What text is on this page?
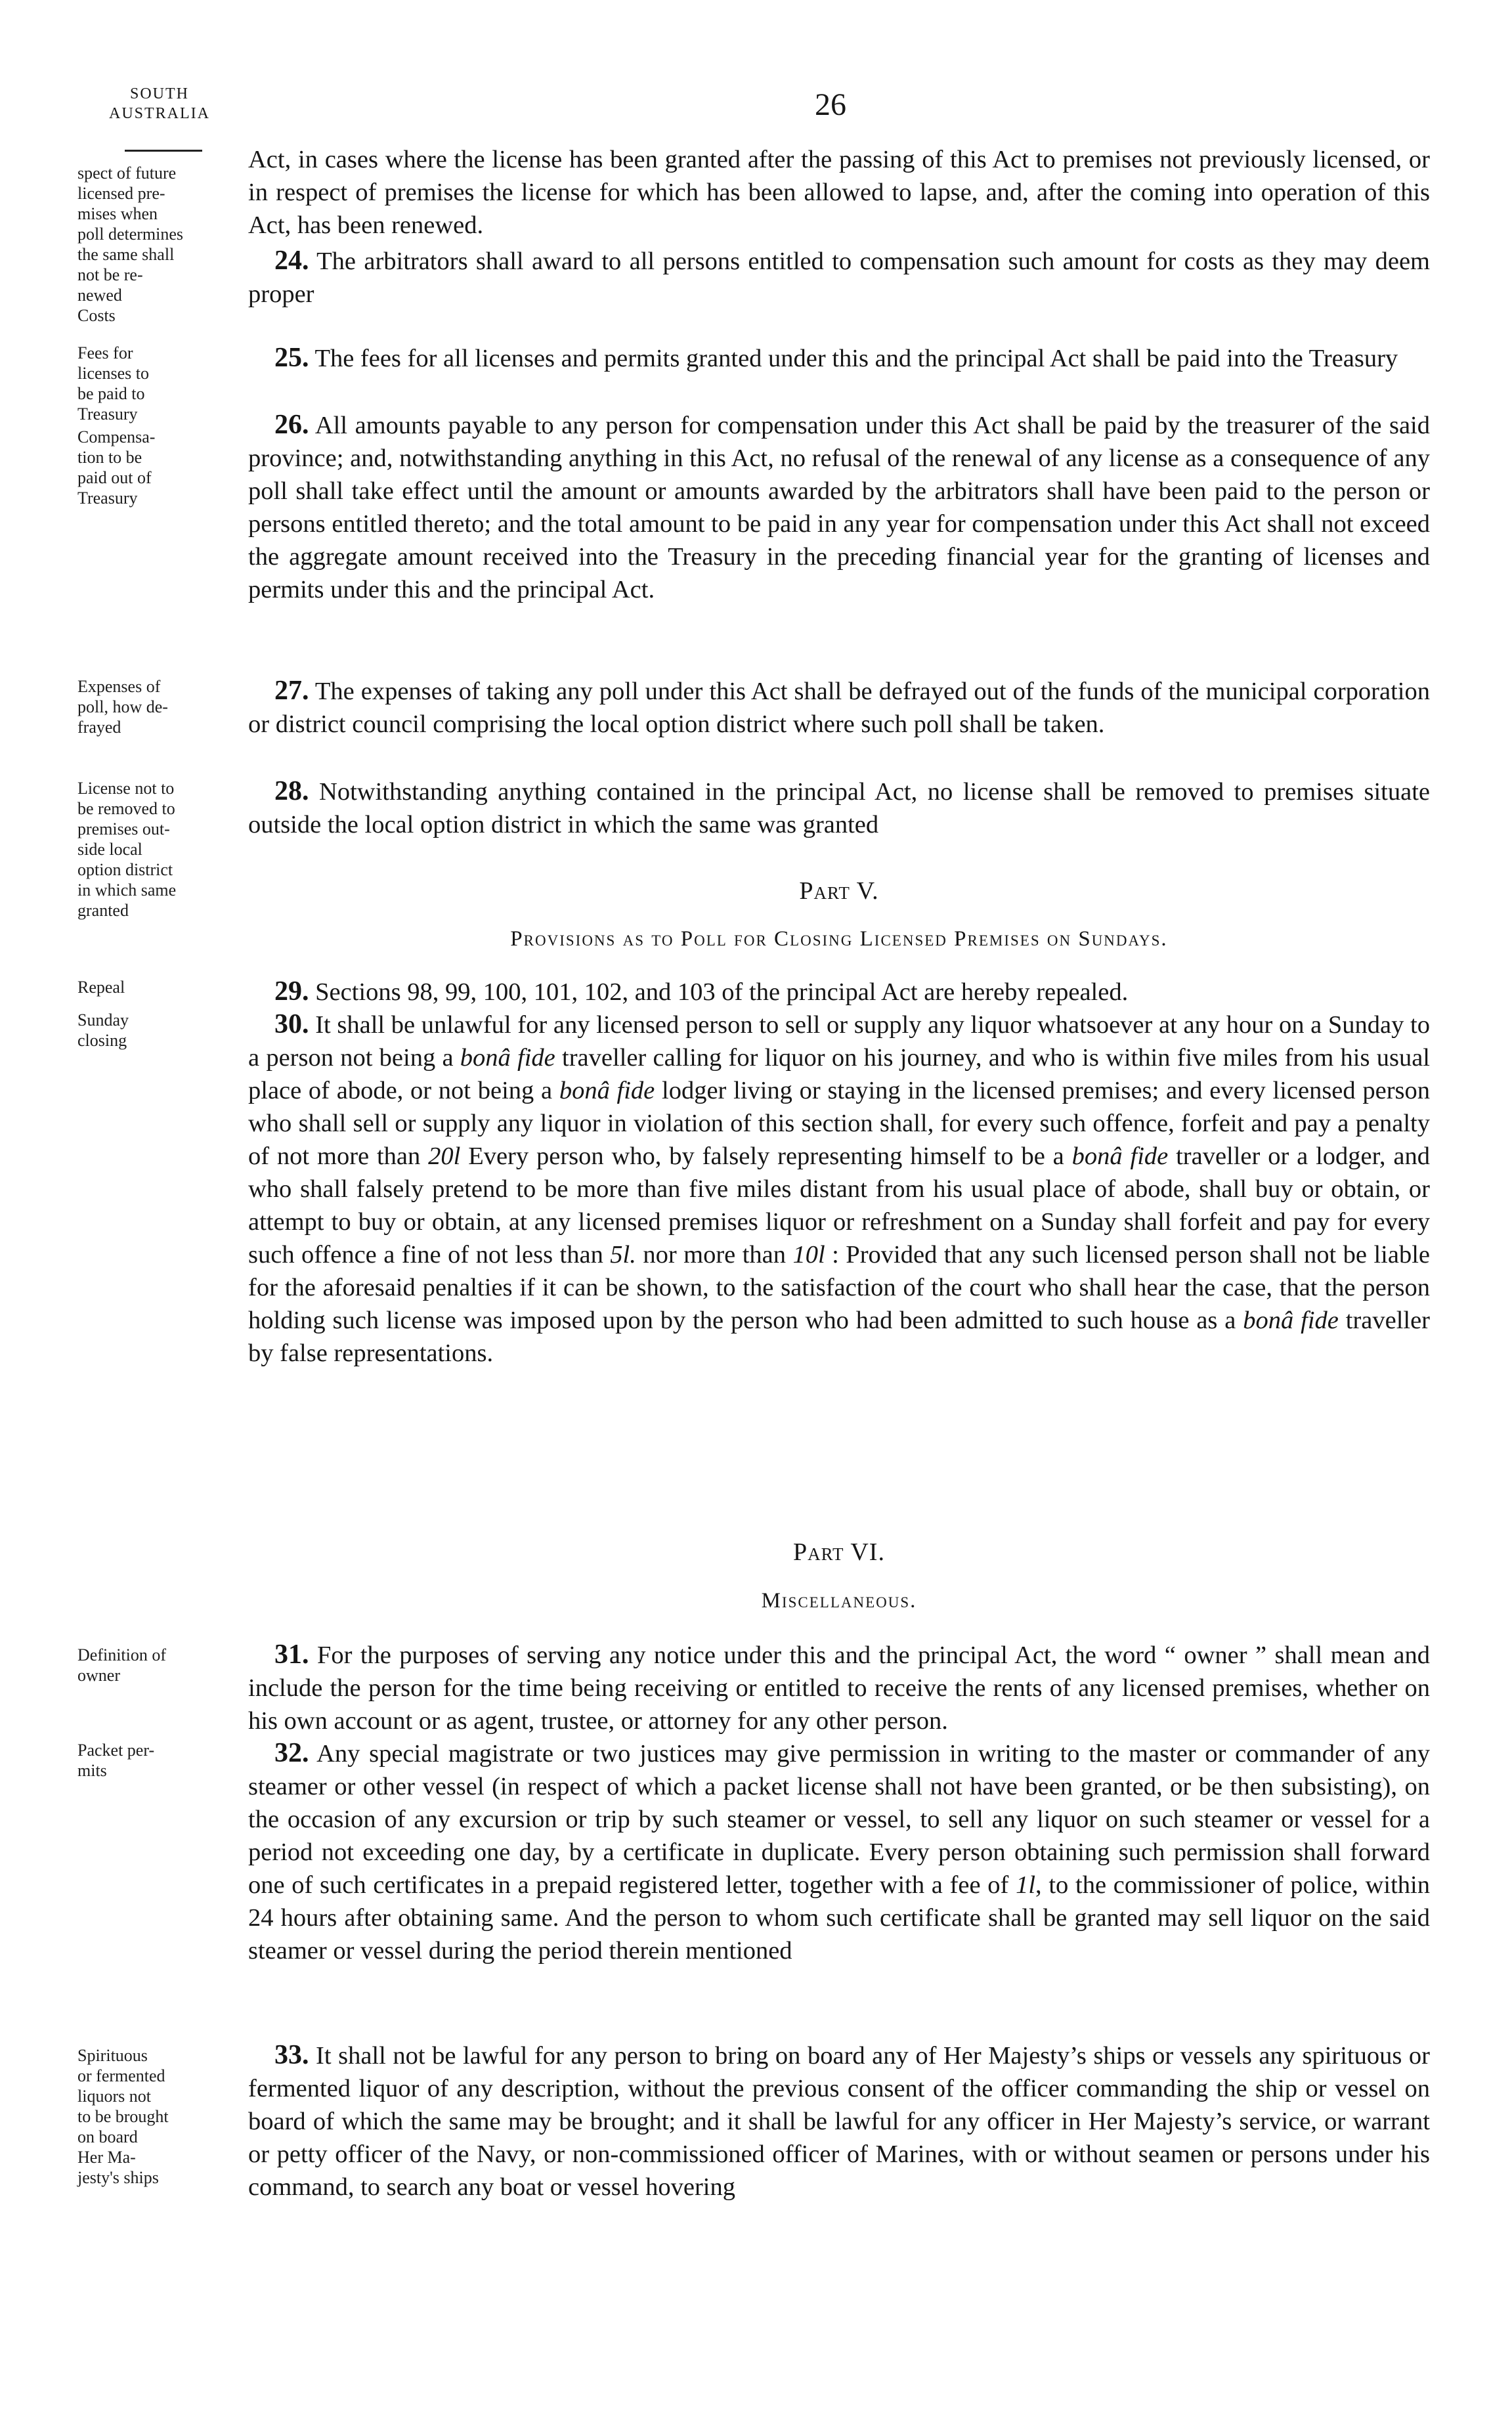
SOUTH
AUSTRALIA	26
spect of future
licensed pre-
mises when
poll determines
the same shall
not be re-
newed
Costs
Fees for
licenses to
be paid to
Treasury
Compensa-
tion to be
paid out of
Treasury
Expenses of
poll, how de-
frayed
License not to
be removed to
premises out-
side local
option district
in which same
granted
Repeal
Sunday
closing
Definition of
owner
Packet per-
mits
Spirituous
or fermented
liquors not
to be brought
on board
Her Ma-
jesty's ships

Act, in cases where the license has been granted after the passing of this Act to premises not previously licensed, or in respect of premises the license for which has been allowed to lapse, and, after the coming into operation of this Act, has been renewed.

24. The arbitrators shall award to all persons entitled to compensation such amount for costs as they may deem proper

25. The fees for all licenses and permits granted under this and the principal Act shall be paid into the Treasury

26. All amounts payable to any person for compensation under this Act shall be paid by the treasurer of the said province; and, notwithstanding anything in this Act, no refusal of the renewal of any license as a consequence of any poll shall take effect until the amount or amounts awarded by the arbitrators shall have been paid to the person or persons entitled thereto; and the total amount to be paid in any year for compensation under this Act shall not exceed the aggregate amount received into the Treasury in the preceding financial year for the granting of licenses and permits under this and the principal Act.

27. The expenses of taking any poll under this Act shall be defrayed out of the funds of the municipal corporation or district council comprising the local option district where such poll shall be taken.

28. Notwithstanding anything contained in the principal Act, no license shall be removed to premises situate outside the local option district in which the same was granted

Part V.
Provisions as to Poll for Closing Licensed Premises on Sundays.

29. Sections 98, 99, 100, 101, 102, and 103 of the principal Act are hereby repealed.

30. It shall be unlawful for any licensed person to sell or supply any liquor whatsoever at any hour on a Sunday to a person not being a bonâ fide traveller calling for liquor on his journey, and who is within five miles from his usual place of abode, or not being a bonâ fide lodger living or staying in the licensed premises; and every licensed person who shall sell or supply any liquor in violation of this section shall, for every such offence, forfeit and pay a penalty of not more than 20l Every person who, by falsely representing himself to be a bonâ fide traveller or a lodger, and who shall falsely pretend to be more than five miles distant from his usual place of abode, shall buy or obtain, or attempt to buy or obtain, at any licensed premises liquor or refreshment on a Sunday shall forfeit and pay for every such offence a fine of not less than 5l. nor more than 10l : Provided that any such licensed person shall not be liable for the aforesaid penalties if it can be shown, to the satisfaction of the court who shall hear the case, that the person holding such license was imposed upon by the person who had been admitted to such house as a bonâ fide traveller by false representations.

Part VI.
Miscellaneous.

31. For the purposes of serving any notice under this and the principal Act, the word “ owner ” shall mean and include the person for the time being receiving or entitled to receive the rents of any licensed premises, whether on his own account or as agent, trustee, or attorney for any other person.

32. Any special magistrate or two justices may give permission in writing to the master or commander of any steamer or other vessel (in respect of which a packet license shall not have been granted, or be then subsisting), on the occasion of any excursion or trip by such steamer or vessel, to sell any liquor on such steamer or vessel for a period not exceeding one day, by a certificate in duplicate. Every person obtaining such permission shall forward one of such certificates in a prepaid registered letter, together with a fee of 1l, to the commissioner of police, within 24 hours after obtaining same. And the person to whom such certificate shall be granted may sell liquor on the said steamer or vessel during the period therein mentioned

33. It shall not be lawful for any person to bring on board any of Her Majesty’s ships or vessels any spirituous or fermented liquor of any description, without the previous consent of the officer commanding the ship or vessel on board of which the same may be brought; and it shall be lawful for any officer in Her Majesty’s service, or warrant or petty officer of the Navy, or non-commissioned officer of Marines, with or without seamen or persons under his command, to search any boat or vessel hovering
